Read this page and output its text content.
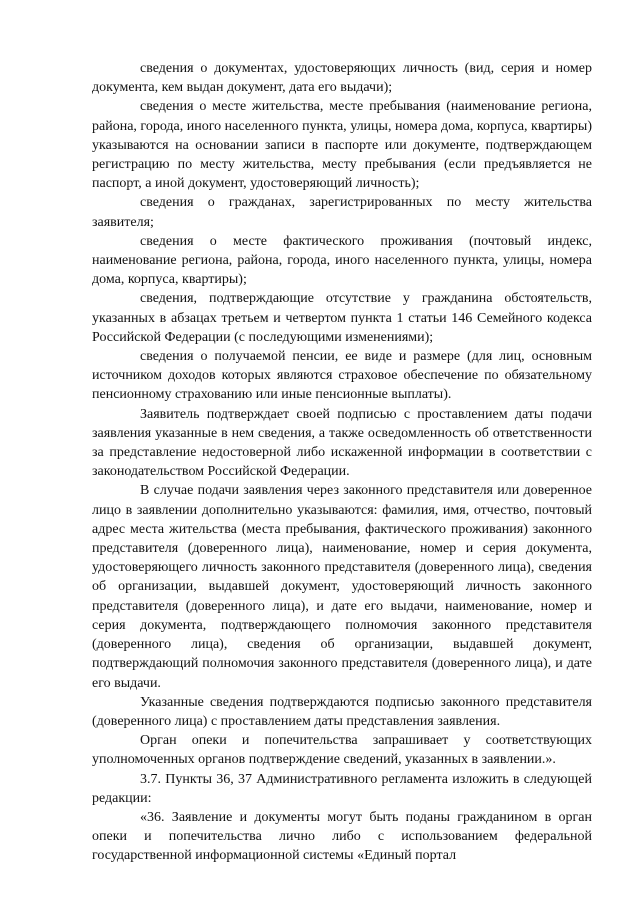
сведения о документах, удостоверяющих личность (вид, серия и номер документа, кем выдан документ, дата его выдачи);

сведения о месте жительства, месте пребывания (наименование региона, района, города, иного населенного пункта, улицы, номера дома, корпуса, квартиры) указываются на основании записи в паспорте или документе, подтверждающем регистрацию по месту жительства, месту пребывания (если предъявляется не паспорт, а иной документ, удостоверяющий личность);

сведения о гражданах, зарегистрированных по месту жительства заявителя;

сведения о месте фактического проживания (почтовый индекс, наименование региона, района, города, иного населенного пункта, улицы, номера дома, корпуса, квартиры);

сведения, подтверждающие отсутствие у гражданина обстоятельств, указанных в абзацах третьем и четвертом пункта 1 статьи 146 Семейного кодекса Российской Федерации (с последующими изменениями);

сведения о получаемой пенсии, ее виде и размере (для лиц, основным источником доходов которых являются страховое обеспечение по обязательному пенсионному страхованию или иные пенсионные выплаты).

Заявитель подтверждает своей подписью с проставлением даты подачи заявления указанные в нем сведения, а также осведомленность об ответственности за представление недостоверной либо искаженной информации в соответствии с законодательством Российской Федерации.

В случае подачи заявления через законного представителя или доверенное лицо в заявлении дополнительно указываются: фамилия, имя, отчество, почтовый адрес места жительства (места пребывания, фактического проживания) законного представителя (доверенного лица), наименование, номер и серия документа, удостоверяющего личность законного представителя (доверенного лица), сведения об организации, выдавшей документ, удостоверяющий личность законного представителя (доверенного лица), и дате его выдачи, наименование, номер и серия документа, подтверждающего полномочия законного представителя (доверенного лица), сведения об организации, выдавшей документ, подтверждающий полномочия законного представителя (доверенного лица), и дате его выдачи.

Указанные сведения подтверждаются подписью законного представителя (доверенного лица) с проставлением даты представления заявления.

Орган опеки и попечительства запрашивает у соответствующих уполномоченных органов подтверждение сведений, указанных в заявлении.».

3.7. Пункты 36, 37 Административного регламента изложить в следующей редакции:

«36. Заявление и документы могут быть поданы гражданином в орган опеки и попечительства лично либо с использованием федеральной государственной информационной системы «Единый портал
